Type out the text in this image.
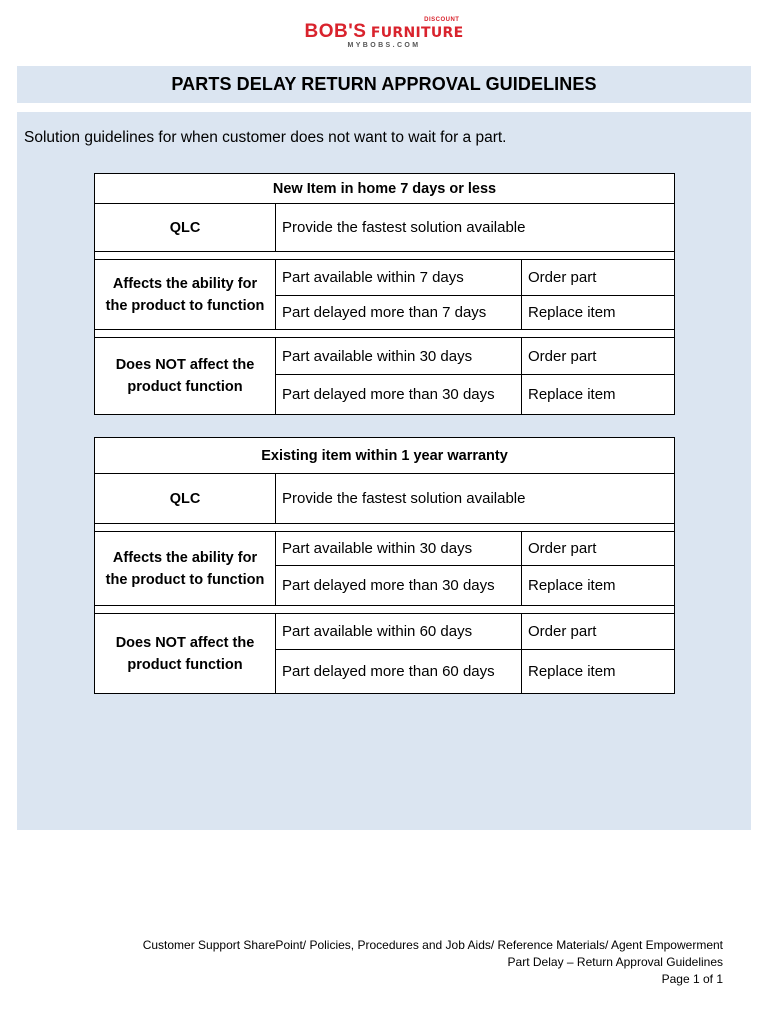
DISCOUNT
BOB'S FURNITURE
MYBOBS.COM
PARTS DELAY RETURN APPROVAL GUIDELINES

Solution guidelines for when customer does not want to wait for a part.

New Item in home 7 days or less		
QLC	Provide the fastest solution available	

Affects the ability for the product to function	Part available within 7 days	Order part
	Part delayed more than 7 days	Replace item

Does NOT affect the product function	Part available within 30 days	Order part
	Part delayed more than 30 days	Replace item
Existing item within 1 year warranty		
QLC	Provide the fastest solution available	

Affects the ability for the product to function	Part available within 30 days	Order part
	Part delayed more than 30 days	Replace item

Does NOT affect the product function	Part available within 60 days	Order part
	Part delayed more than 60 days	Replace item
Customer Support SharePoint/ Policies, Procedures and Job Aids/ Reference Materials/ Agent Empowerment
Part Delay – Return Approval Guidelines
Page 1 of 1
